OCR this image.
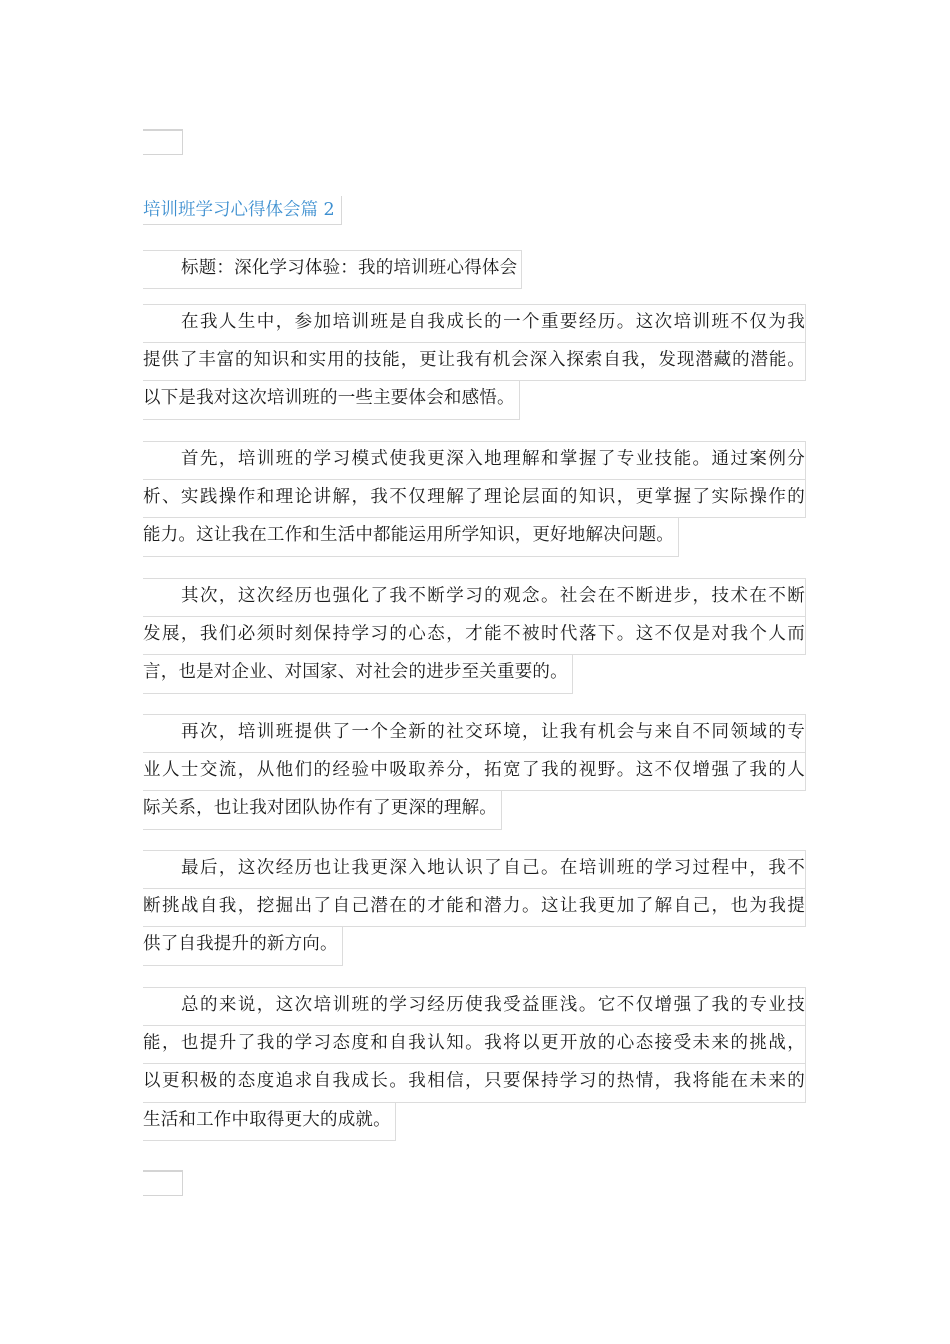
培训班学习心得体会篇 2
标题：深化学习体验：我的培训班心得体会
在我人生中，参加培训班是自我成长的一个重要经历。这次培训班不仅为我
提供了丰富的知识和实用的技能，更让我有机会深入探索自我，发现潜藏的潜能。
以下是我对这次培训班的一些主要体会和感悟。
首先，培训班的学习模式使我更深入地理解和掌握了专业技能。通过案例分
析、实践操作和理论讲解，我不仅理解了理论层面的知识，更掌握了实际操作的
能力。这让我在工作和生活中都能运用所学知识，更好地解决问题。
其次，这次经历也强化了我不断学习的观念。社会在不断进步，技术在不断
发展，我们必须时刻保持学习的心态，才能不被时代落下。这不仅是对我个人而
言，也是对企业、对国家、对社会的进步至关重要的。
再次，培训班提供了一个全新的社交环境，让我有机会与来自不同领域的专
业人士交流，从他们的经验中吸取养分，拓宽了我的视野。这不仅增强了我的人
际关系，也让我对团队协作有了更深的理解。
最后，这次经历也让我更深入地认识了自己。在培训班的学习过程中，我不
断挑战自我，挖掘出了自己潜在的才能和潜力。这让我更加了解自己，也为我提
供了自我提升的新方向。
总的来说，这次培训班的学习经历使我受益匪浅。它不仅增强了我的专业技
能，也提升了我的学习态度和自我认知。我将以更开放的心态接受未来的挑战，
以更积极的态度追求自我成长。我相信，只要保持学习的热情，我将能在未来的
生活和工作中取得更大的成就。
